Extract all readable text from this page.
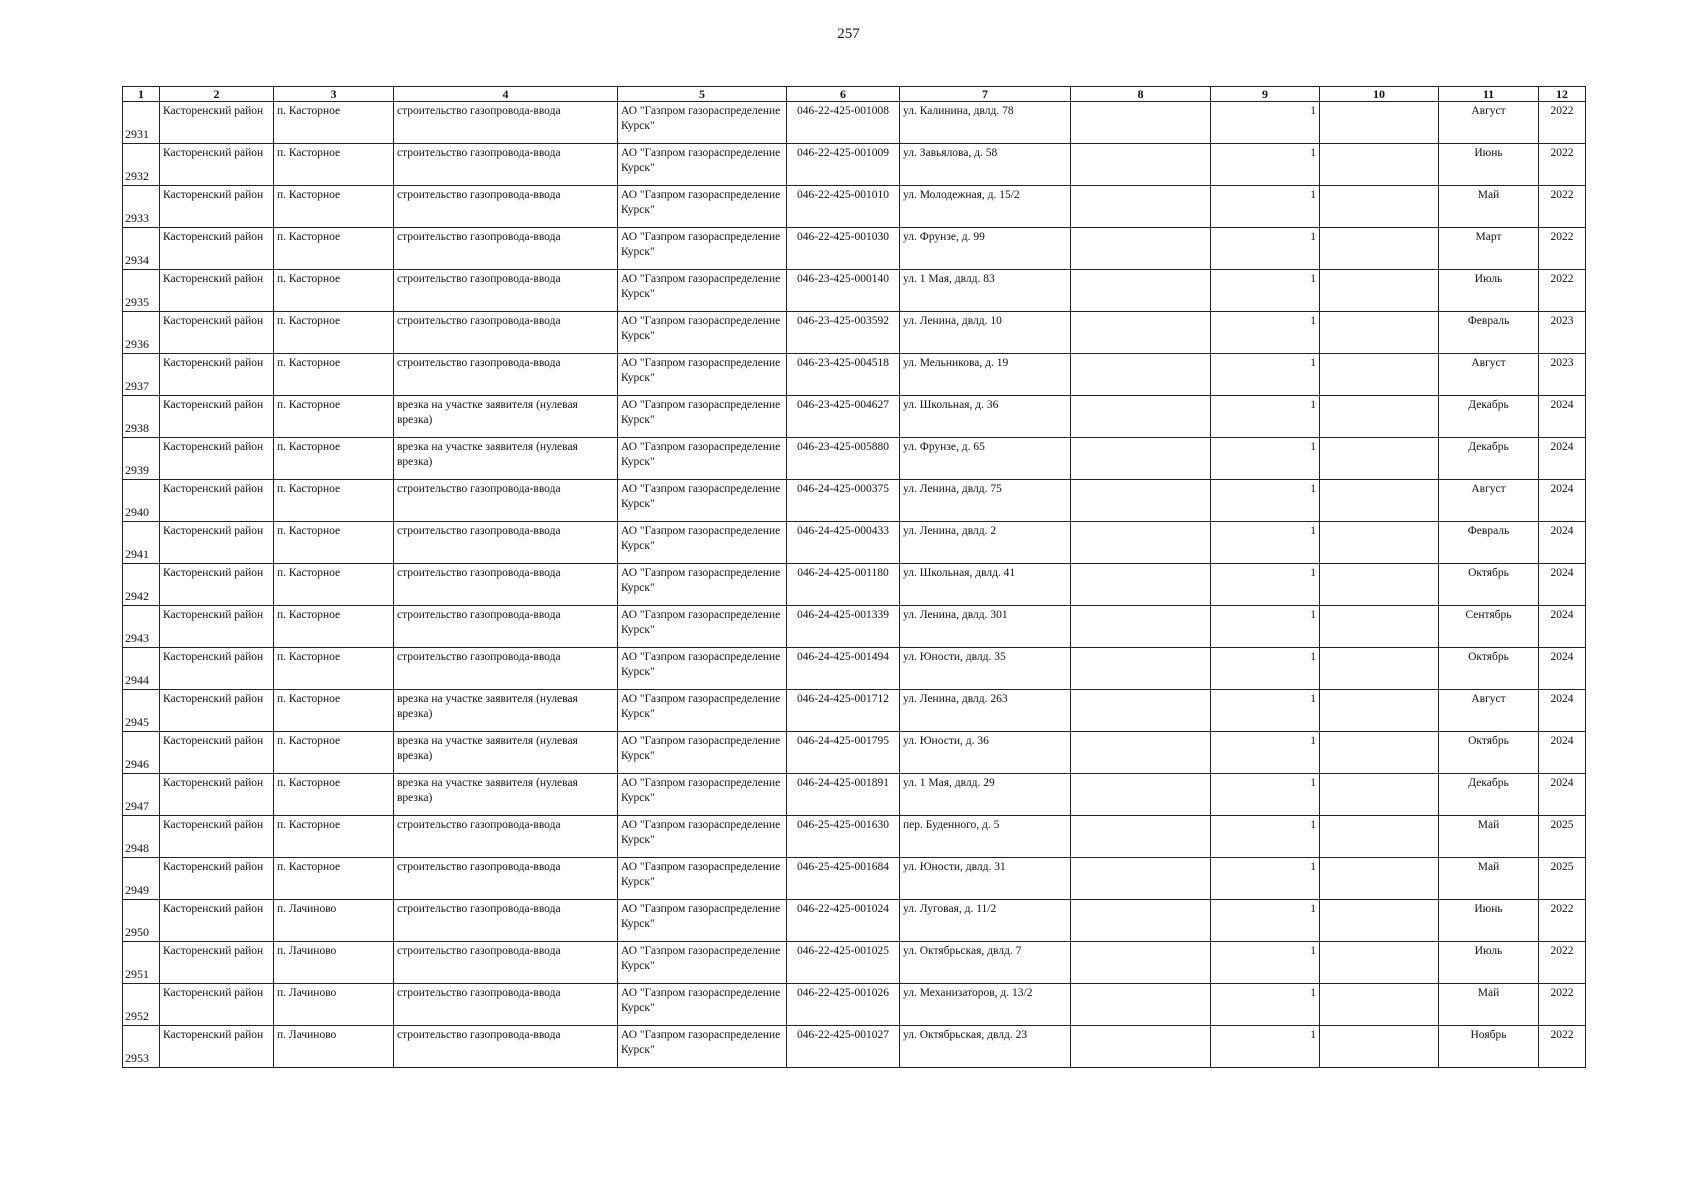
257
1	2	3	4	5	6	7	8	9	10	11	12
2931	Касторенский район	п. Касторное	строительство газопровода-ввода	АО "Газпром газораспределение Курск"	046-22-425-001008	ул. Калинина, двлд. 78		1		Август	2022
2932	Касторенский район	п. Касторное	строительство газопровода-ввода	АО "Газпром газораспределение Курск"	046-22-425-001009	ул. Завьялова, д. 58		1		Июнь	2022
2933	Касторенский район	п. Касторное	строительство газопровода-ввода	АО "Газпром газораспределение Курск"	046-22-425-001010	ул. Молодежная, д. 15/2		1		Май	2022
2934	Касторенский район	п. Касторное	строительство газопровода-ввода	АО "Газпром газораспределение Курск"	046-22-425-001030	ул. Фрунзе, д. 99		1		Март	2022
2935	Касторенский район	п. Касторное	строительство газопровода-ввода	АО "Газпром газораспределение Курск"	046-23-425-000140	ул. 1 Мая, двлд. 83		1		Июль	2022
2936	Касторенский район	п. Касторное	строительство газопровода-ввода	АО "Газпром газораспределение Курск"	046-23-425-003592	ул. Ленина, двлд. 10		1		Февраль	2023
2937	Касторенский район	п. Касторное	строительство газопровода-ввода	АО "Газпром газораспределение Курск"	046-23-425-004518	ул. Мельникова, д. 19		1		Август	2023
2938	Касторенский район	п. Касторное	врезка на участке заявителя (нулевая врезка)	АО "Газпром газораспределение Курск"	046-23-425-004627	ул. Школьная, д. 36		1		Декабрь	2024
2939	Касторенский район	п. Касторное	врезка на участке заявителя (нулевая врезка)	АО "Газпром газораспределение Курск"	046-23-425-005880	ул. Фрунзе, д. 65		1		Декабрь	2024
2940	Касторенский район	п. Касторное	строительство газопровода-ввода	АО "Газпром газораспределение Курск"	046-24-425-000375	ул. Ленина, двлд. 75		1		Август	2024
2941	Касторенский район	п. Касторное	строительство газопровода-ввода	АО "Газпром газораспределение Курск"	046-24-425-000433	ул. Ленина, двлд. 2		1		Февраль	2024
2942	Касторенский район	п. Касторное	строительство газопровода-ввода	АО "Газпром газораспределение Курск"	046-24-425-001180	ул. Школьная, двлд. 41		1		Октябрь	2024
2943	Касторенский район	п. Касторное	строительство газопровода-ввода	АО "Газпром газораспределение Курск"	046-24-425-001339	ул. Ленина, двлд. 301		1		Сентябрь	2024
2944	Касторенский район	п. Касторное	строительство газопровода-ввода	АО "Газпром газораспределение Курск"	046-24-425-001494	ул. Юности, двлд. 35		1		Октябрь	2024
2945	Касторенский район	п. Касторное	врезка на участке заявителя (нулевая врезка)	АО "Газпром газораспределение Курск"	046-24-425-001712	ул. Ленина, двлд. 263		1		Август	2024
2946	Касторенский район	п. Касторное	врезка на участке заявителя (нулевая врезка)	АО "Газпром газораспределение Курск"	046-24-425-001795	ул. Юности, д. 36		1		Октябрь	2024
2947	Касторенский район	п. Касторное	врезка на участке заявителя (нулевая врезка)	АО "Газпром газораспределение Курск"	046-24-425-001891	ул. 1 Мая, двлд. 29		1		Декабрь	2024
2948	Касторенский район	п. Касторное	строительство газопровода-ввода	АО "Газпром газораспределение Курск"	046-25-425-001630	пер. Буденного, д. 5		1		Май	2025
2949	Касторенский район	п. Касторное	строительство газопровода-ввода	АО "Газпром газораспределение Курск"	046-25-425-001684	ул. Юности, двлд. 31		1		Май	2025
2950	Касторенский район	п. Лачиново	строительство газопровода-ввода	АО "Газпром газораспределение Курск"	046-22-425-001024	ул. Луговая, д. 11/2		1		Июнь	2022
2951	Касторенский район	п. Лачиново	строительство газопровода-ввода	АО "Газпром газораспределение Курск"	046-22-425-001025	ул. Октябрьская, двлд. 7		1		Июль	2022
2952	Касторенский район	п. Лачиново	строительство газопровода-ввода	АО "Газпром газораспределение Курск"	046-22-425-001026	ул. Механизаторов, д. 13/2		1		Май	2022
2953	Касторенский район	п. Лачиново	строительство газопровода-ввода	АО "Газпром газораспределение Курск"	046-22-425-001027	ул. Октябрьская, двлд. 23		1		Ноябрь	2022
